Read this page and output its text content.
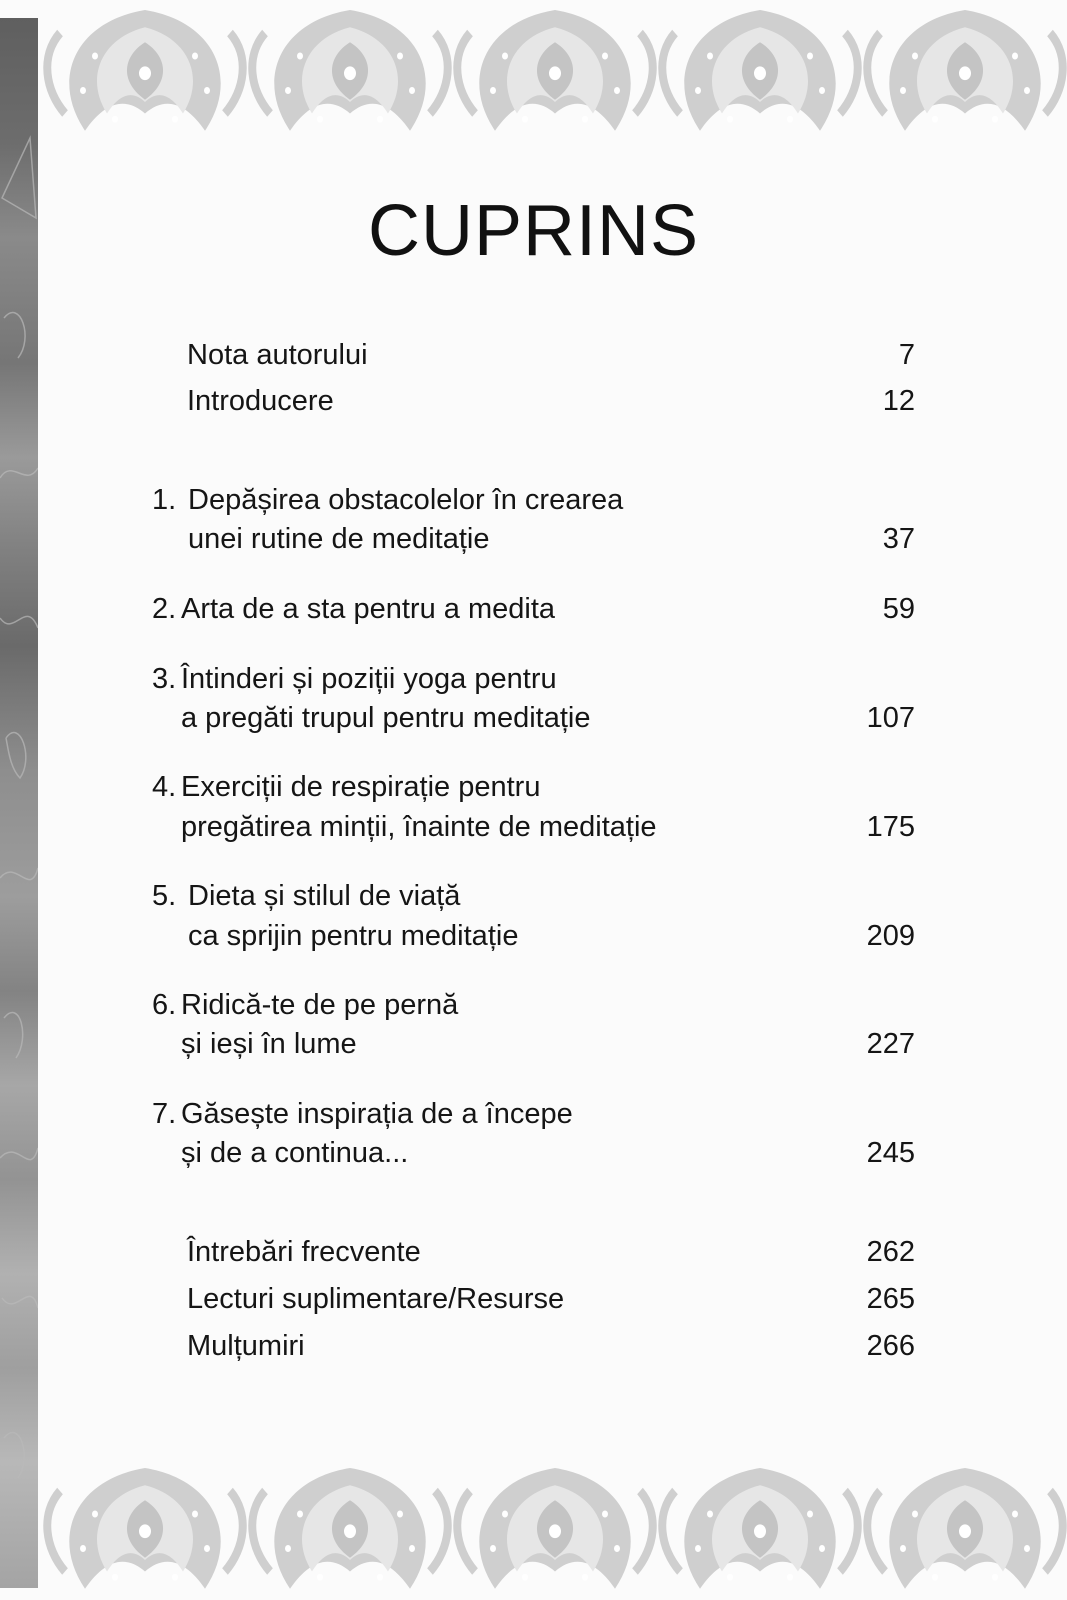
CUPRINS
Nota autorului	7
Introducere	12
1. Depășirea obstacolelor în crearea
unei rutine de meditație	37
2. Arta de a sta pentru a medita	59
3. Întinderi și poziții yoga pentru
a pregăti trupul pentru meditație	107
4. Exerciții de respirație pentru
pregătirea minții, înainte de meditație	175
5. Dieta și stilul de viață
ca sprijin pentru meditație	209
6. Ridică-te de pe pernă
și ieși în lume	227
7. Găsește inspirația de a începe
și de a continua...	245
Întrebări frecvente	262
Lecturi suplimentare/Resurse	265
Mulțumiri	266
